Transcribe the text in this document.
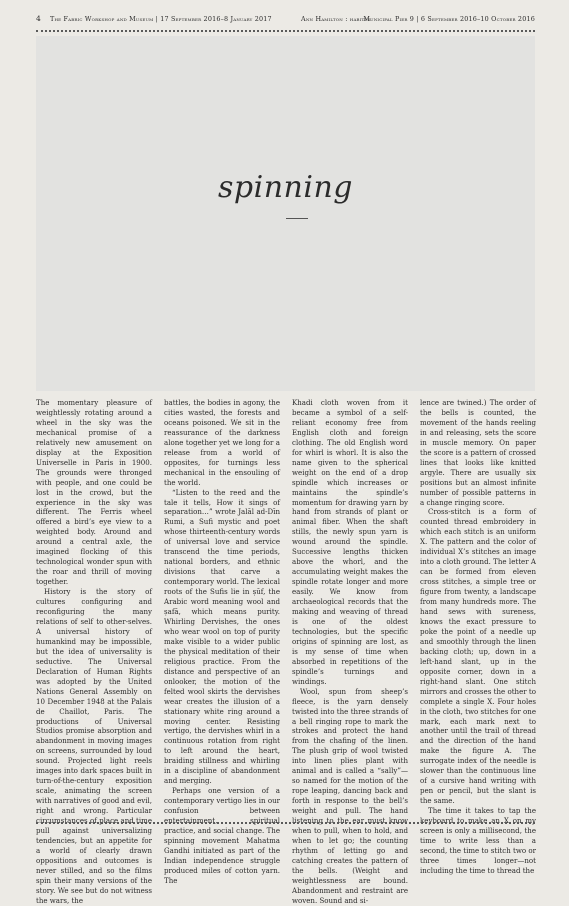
4 The Fabric Workshop and Museum | 17 September 2016–8 January 2017	Ann Hamilton : habitus
Municipal Pier 9 | 6 September 2016–10 October 2016
spinning

The momentary pleasure of weightlessly rotating around a wheel in the sky was the mechanical promise of a relatively new amusement on display at the Exposition Universelle in Paris in 1900. The grounds were thronged with people, and one could be lost in the crowd, but the experience in the sky was different. The Ferris wheel offered a bird’s eye view to a weighted body. Around and around a central axle, the imagined flocking of this technological wonder spun with the roar and thrill of moving together.

History is the story of cultures configuring and reconfiguring the many relations of self to other-selves. A universal history of humankind may be impossible, but the idea of universality is seductive. The Universal Declaration of Human Rights was adopted by the United Nations General Assembly on 10 December 1948 at the Palais de Chaillot, Paris. The productions of Universal Studios promise absorption and abandonment in moving images on screens, surrounded by loud sound. Projected light reels images into dark spaces built in turn-of-the-century exposition scale, animating the screen with narratives of good and evil, right and wrong. Particular circumstances of place and time pull against universalizing tendencies, but an appetite for a world of clearly drawn oppositions and outcomes is never stilled, and so the films spin their many versions of the story. We see but do not witness the wars, the

battles, the bodies in agony, the cities wasted, the forests and oceans poisoned. We sit in the reassurance of the darkness alone together yet we long for a release from a world of opposites, for turnings less mechanical in the ensouling of the world.

“Listen to the reed and the tale it tells, How it sings of separation…” wrote Jalāl ad-Dīn Rumi, a Sufi mystic and poet whose thirteenth-century words of universal love and service transcend the time periods, national borders, and ethnic divisions that carve a contemporary world. The lexical roots of the Sufis lie in ṣūf, the Arabic word meaning wool and ṣafā, which means purity. Whirling Dervishes, the ones who wear wool on top of purity make visible to a wider public the physical meditation of their religious practice. From the distance and perspective of an onlooker, the motion of the felted wool skirts the dervishes wear creates the illusion of a stationary white ring around a moving center. Resisting vertigo, the dervishes whirl in a continuous rotation from right to left around the heart, braiding stillness and whirling in a discipline of abandonment and merging.

Perhaps one version of a contemporary vertigo lies in our confusion between entertainment, spiritual practice, and social change. The spinning movement Mahatma Gandhi initiated as part of the Indian independence struggle produced miles of cotton yarn. The

Khadi cloth woven from it became a symbol of a self-reliant economy free from English cloth and foreign clothing. The old English word for whirl is whorl. It is also the name given to the spherical weight on the end of a drop spindle which increases or maintains the spindle’s momentum for drawing yarn by hand from strands of plant or animal fiber. When the shaft stills, the newly spun yarn is wound around the spindle. Successive lengths thicken above the whorl, and the accumulating weight makes the spindle rotate longer and more easily. We know from archaeological records that the making and weaving of thread is one of the oldest technologies, but the specific origins of spinning are lost, as is my sense of time when absorbed in repetitions of the spindle’s turnings and windings.

Wool, spun from sheep’s fleece, is the yarn densely twisted into the three strands of a bell ringing rope to mark the strokes and protect the hand from the chafing of the linen. The plush grip of wool twisted into linen plies plant with animal and is called a “sally”—so named for the motion of the rope leaping, dancing back and forth in response to the bell’s weight and pull. The hand listening to the ear must know when to pull, when to hold, and when to let go; the counting rhythm of letting go and catching creates the pattern of the bells. (Weight and weightlessness are bound. Abandonment and restraint are woven. Sound and si-

lence are twined.) The order of the bells is counted, the movement of the hands reeling in and releasing, sets the score in muscle memory. On paper the score is a pattern of crossed lines that looks like knitted argyle. There are usually six positions but an almost infinite number of possible patterns in a change ringing score.

Cross-stitch is a form of counted thread embroidery in which each stitch is an uniform X. The pattern and the color of individual X’s stitches an image into a cloth ground. The letter A can be formed from eleven cross stitches, a simple tree or figure from twenty, a landscape from many hundreds more. The hand sews with sureness, knows the exact pressure to poke the point of a needle up and smoothly through the linen backing cloth; up, down in a left-hand slant, up in the opposite corner, down in a right-hand slant. One stitch mirrors and crosses the other to complete a single X. Four holes in the cloth, two stitches for one mark, each mark next to another until the trail of thread and the direction of the hand make the figure A. The surrogate index of the needle is slower than the continuous line of a cursive hand writing with pen or pencil, but the slant is the same.

The time it takes to tap the keyboard to make an X on my screen is only a millisecond, the time to write less than a second, the time to stitch two or three times longer—not including the time to thread the
